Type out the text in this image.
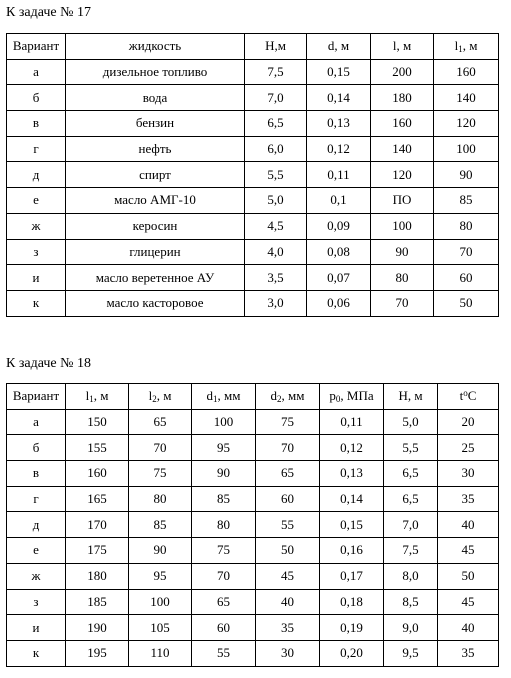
К задаче № 17
Вариант	жидкость	H,м	d, м	l, м	$l_1$, м
а	дизельное топливо	7,5	0,15	200	160
б	вода	7,0	0,14	180	140
в	бензин	6,5	0,13	160	120
г	нефть	6,0	0,12	140	100
д	спирт	5,5	0,11	120	90
е	масло АМГ-10	5,0	0,1	ПО	85
ж	керосин	4,5	0,09	100	80
з	глицерин	4,0	0,08	90	70
и	масло веретенное АУ	3,5	0,07	80	60
к	масло касторовое	3,0	0,06	70	50
К задаче № 18
Вариант	$l_1$, м	$l_2$, м	$d_1$, мм	$d_2$, мм	$p_0$, МПа	H, м	$t^oC$
а	150	65	100	75	0,11	5,0	20
б	155	70	95	70	0,12	5,5	25
в	160	75	90	65	0,13	6,5	30
г	165	80	85	60	0,14	6,5	35
д	170	85	80	55	0,15	7,0	40
е	175	90	75	50	0,16	7,5	45
ж	180	95	70	45	0,17	8,0	50
з	185	100	65	40	0,18	8,5	45
и	190	105	60	35	0,19	9,0	40
к	195	110	55	30	0,20	9,5	35
